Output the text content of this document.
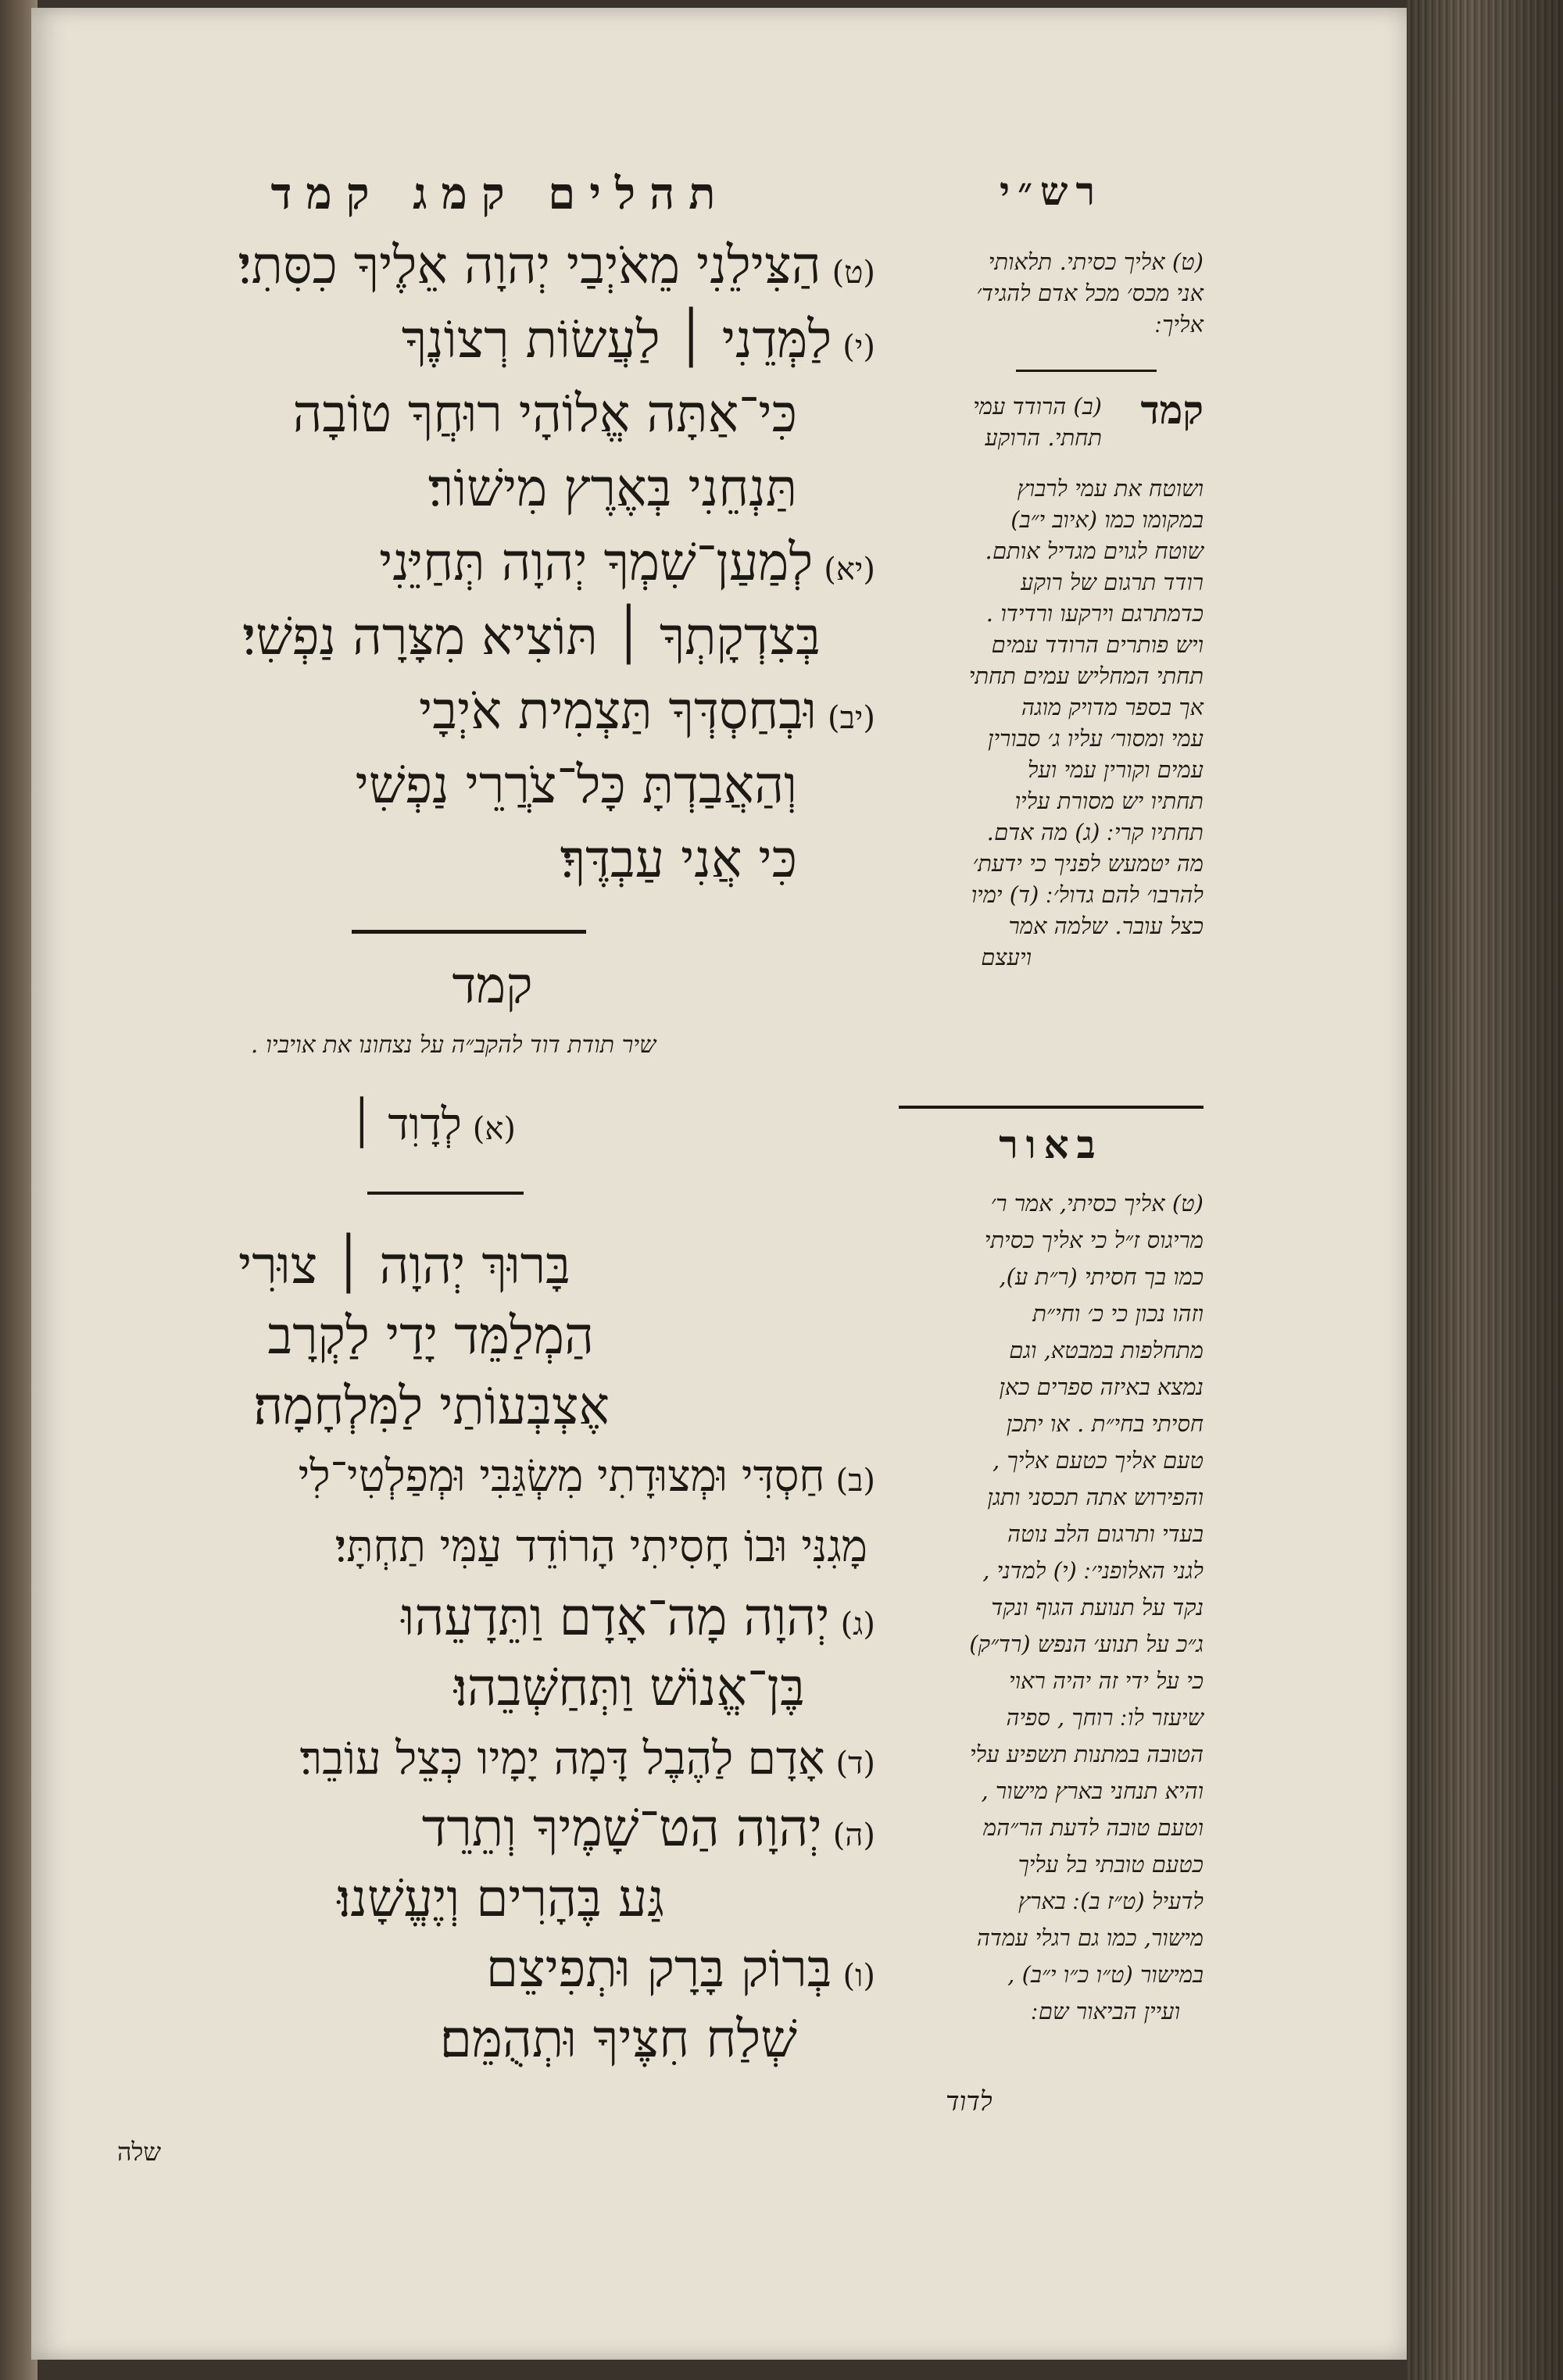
תהלים קמג קמד
(ט)הַצִּילֵנִי מֵאֹיְבַי יְהוָה אֵלֶיךָ כִסִּתִי׃
(י)לַמְּדֵנִי ׀ לַעֲשׂוֹת רְצוֹנֶךָ
כִּי־אַתָּה אֱלוֹהָי רוּחֲךָ טוֹבָה
תַּנְחֵנִי בְּאֶרֶץ מִישׁוֹר׃
(יא)לְמַעַן־שִׁמְךָ יְהוָה תְּחַיֵּנִי
בְּצִדְקָתְךָ ׀ תּוֹצִיא מִצָּרָה נַפְשִׁי׃
(יב)וּבְחַסְדְּךָ תַּצְמִית אֹיְבָי
וְהַאֲבַדְתָּ כָּל־צֹרֲרֵי נַפְשִׁי
כִּי אֲנִי עַבְדֶּךָ׃
קמד
שיר תודת דוד להקב״ה על נצחונו את אויביו ․
(א)לְדָוִד ׀
בָּרוּךְ יְהוָה ׀ צוּרִי
הַמְלַמֵּד יָדַי לַקְרָב
אֶצְבְּעוֹתַי לַמִּלְחָמָה׃
(ב)חַסְדִּי וּמְצוּדָתִי מִשְׂגַּבִּי וּמְפַלְטִי־לִי
מָגִנִּי וּבוֹ חָסִיתִי הָרוֹדֵד עַמִּי תַחְתָּי׃
(ג)יְהוָה מָה־אָדָם וַתֵּדָעֵהוּ
בֶּן־אֱנוֹשׁ וַתְּחַשְּׁבֵהוּ׃
(ד)אָדָם לַהֶבֶל דָּמָה יָמָיו כְּצֵל עוֹבֵר׃
(ה)יְהוָה הַט־שָׁמֶיךָ וְתֵרֵד
גַּע בֶּהָרִים וְיֶעֱשָׁנוּ׃
(ו)בְּרוֹק בָּרָק וּתְפִיצֵם
שְׁלַח חִצֶּיךָ וּתְהֻמֵּם׃
רש״י
(ט) אליך כסיתי․ תלאותי
אני מכס׳ מכל אדם להגיד׳
אליך ׃
קמד
(ב) הרודד עמי
תחתי․ הרוקע
ושוטח את עמי לרבוץ
במקומו כמו (איוב י״ב)
שוטח לגוים מגדיל אותם․
רודד תרגום של רוקע
כדמתרגם וירקעו ורדידו ․
ויש פותרים הרודד עמים
תחתי המחליש עמים תחתי
אך בספר מדויק מוגה
עמי ומסור׳ עליו ג׳ סבורין
עמים וקורין עמי ועל
תחתיו יש מסורת עליו
תחתיו קרי ׃ (ג) מה אדם․
מה יטמעש לפניך כי ידעת׳
להרבו׳ להם גדול׳ ׃ (ד) ימיו
כצל עובר․ שלמה אמר
ויעצם
באור
(ט) אליך כסיתי, אמר ר׳
מריגוס ז״ל כי אליך כסיתי
כמו בך חסיתי (ר״ת ע),
וזהו נכון כי כ׳ וחי״ת
מתחלפות במבטא, וגם
נמצא באיזה ספרים כאן
חסיתי בחי״ת ․ או יתכן
טעם אליך כטעם אליך ,
והפירוש אתה תכסני ותגן
בעדי ותרגום הלב נוטה
לגני האלופני׳ ׃ (י) למדני ,
נקד על תנועת הגוף ונקד
ג״כ על תנוע׳ הנפש (רד״ק)
כי על ידי זה יהיה ראוי
שיעזר לו ׃ רוחך , ספיה
הטובה במתנות תשפיע עלי
והיא תנחני בארץ מישור ,
וטעם טובה לדעת הר״המ
כטעם טובתי בל עליך
לדעיל (ט״ז ב) ׃ בארץ
מישור, כמו גם רגלי עמדה
במישור (ט״ו כ״ו י״ב) ,
ועיין הביאור שם ׃
לדוד
שלה
